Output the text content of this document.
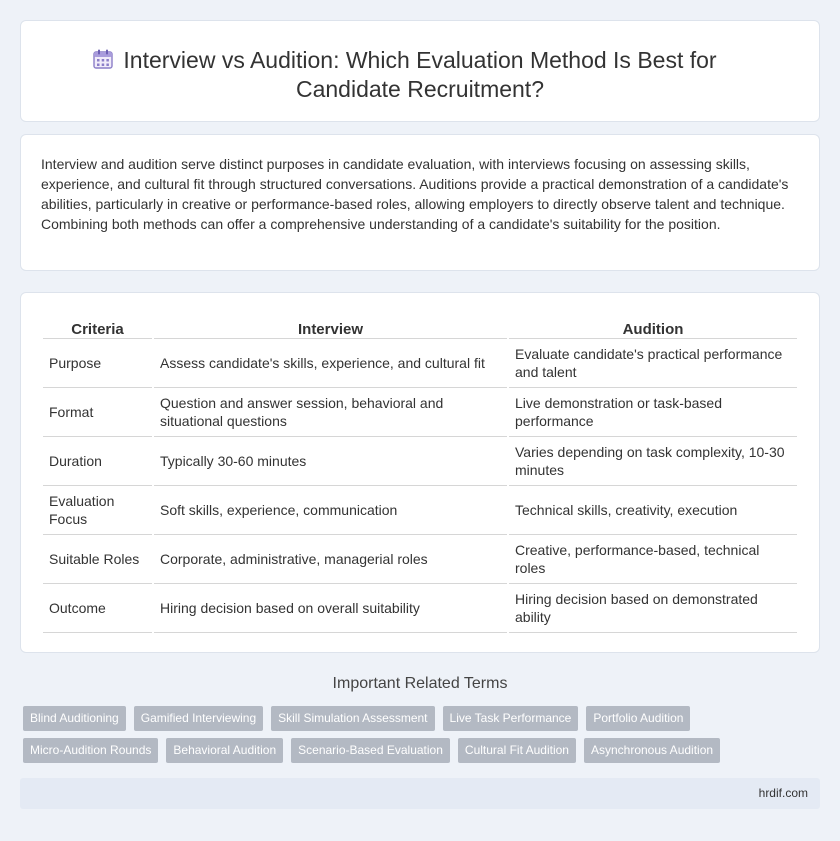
Interview vs Audition: Which Evaluation Method Is Best for
Candidate Recruitment?

Interview and audition serve distinct purposes in candidate evaluation, with interviews focusing on assessing skills, experience, and cultural fit through structured conversations. Auditions provide a practical demonstration of a candidate's abilities, particularly in creative or performance-based roles, allowing employers to directly observe talent and technique. Combining both methods can offer a comprehensive understanding of a candidate's suitability for the position.

Criteria	Interview	Audition
Purpose	Assess candidate's skills, experience, and cultural fit	Evaluate candidate's practical performance and talent
Format	Question and answer session, behavioral and situational questions	Live demonstration or task-based performance
Duration	Typically 30-60 minutes	Varies depending on task complexity, 10-30 minutes
Evaluation Focus	Soft skills, experience, communication	Technical skills, creativity, execution
Suitable Roles	Corporate, administrative, managerial roles	Creative, performance-based, technical roles
Outcome	Hiring decision based on overall suitability	Hiring decision based on demonstrated ability
Important Related Terms
Blind Auditioning	Gamified Interviewing	Skill Simulation Assessment	Live Task Performance	Portfolio Audition
Micro-Audition Rounds	Behavioral Audition	Scenario-Based Evaluation	Cultural Fit Audition	Asynchronous Audition
hrdif.com
